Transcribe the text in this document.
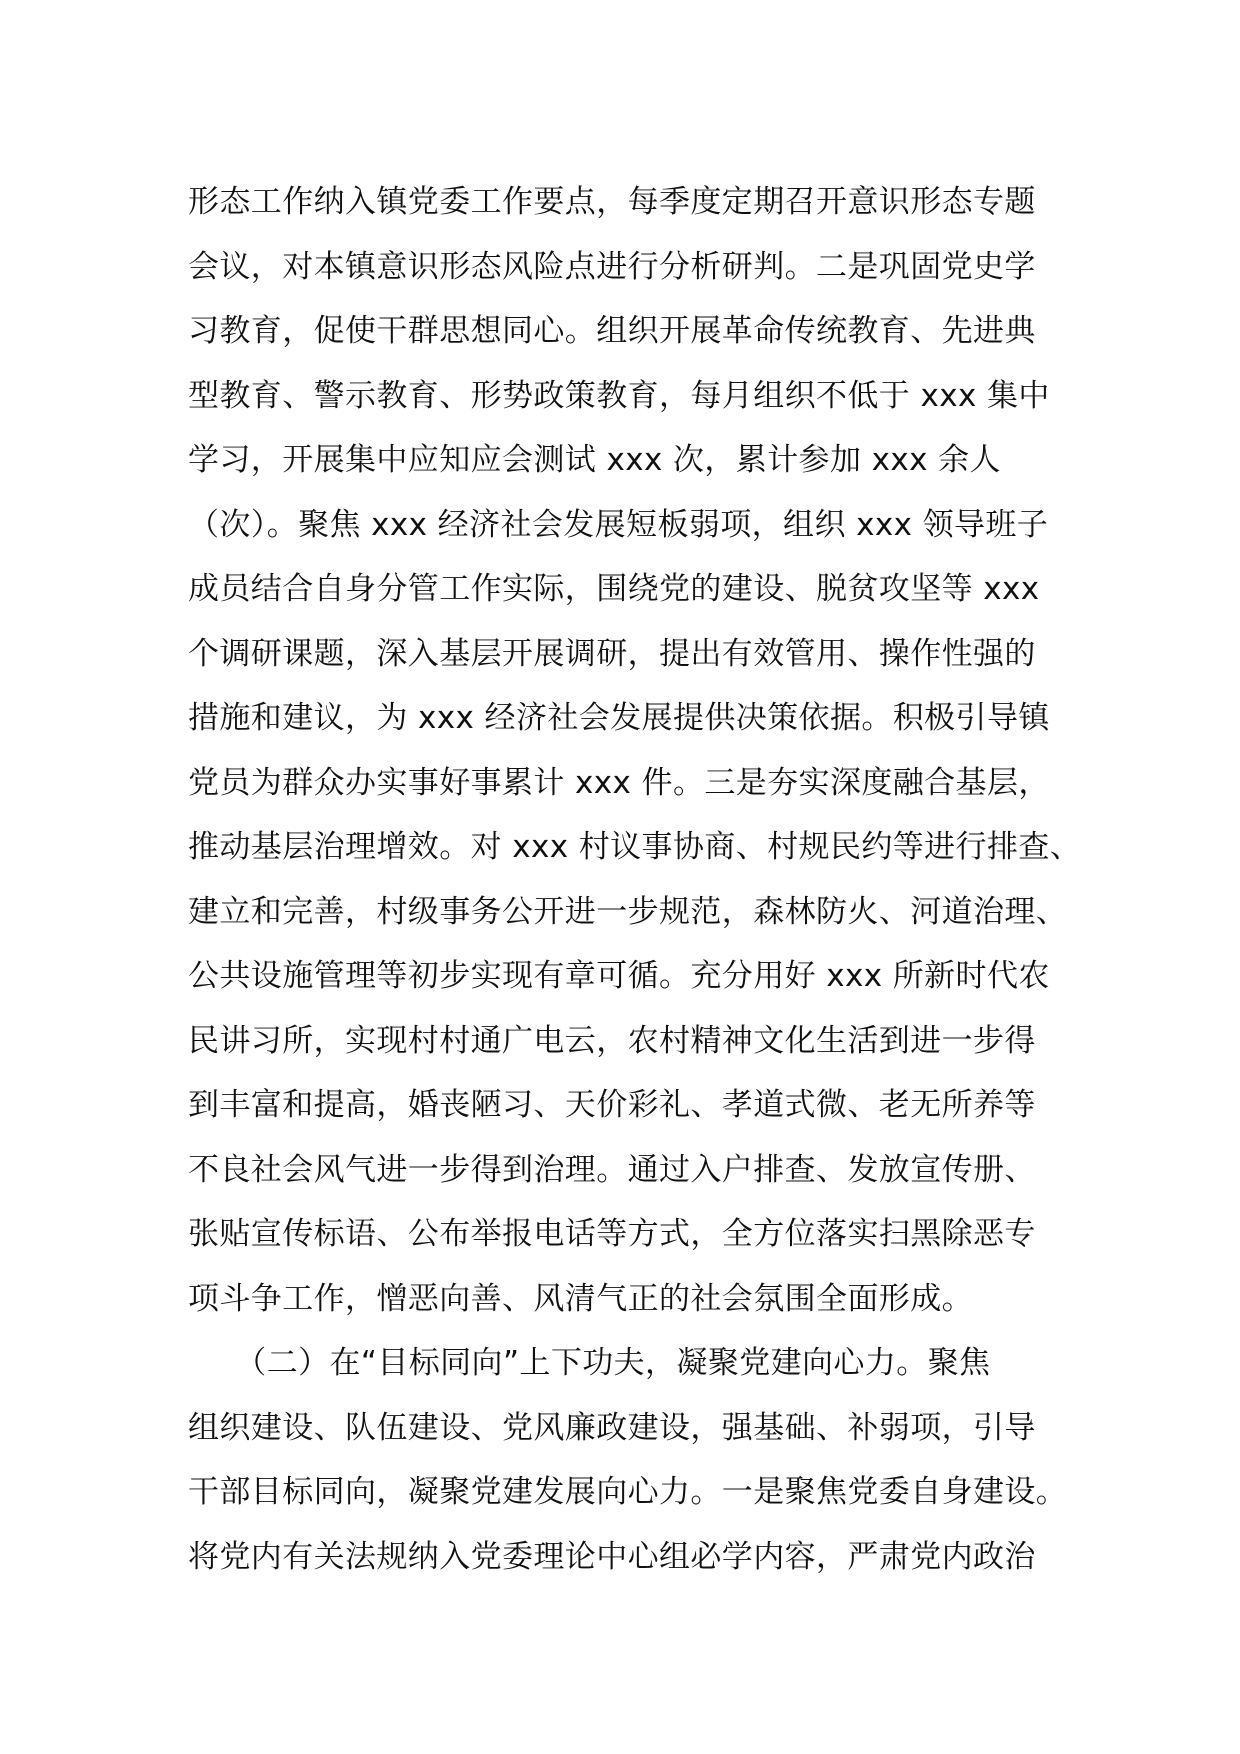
形态工作纳入镇党委工作要点，每季度定期召开意识形态专题
会议，对本镇意识形态风险点进行分析研判。二是巩固党史学
习教育，促使干群思想同心。组织开展革命传统教育、先进典
型教育、警示教育、形势政策教育，每月组织不低于 xxx 集中
学习，开展集中应知应会测试 xxx 次，累计参加 xxx 余人
（次）。聚焦 xxx 经济社会发展短板弱项，组织 xxx 领导班子
成员结合自身分管工作实际，围绕党的建设、脱贫攻坚等 xxx
个调研课题，深入基层开展调研，提出有效管用、操作性强的
措施和建议，为 xxx 经济社会发展提供决策依据。积极引导镇
党员为群众办实事好事累计 xxx 件。三是夯实深度融合基层，
推动基层治理增效。对 xxx 村议事协商、村规民约等进行排查、
建立和完善，村级事务公开进一步规范，森林防火、河道治理、
公共设施管理等初步实现有章可循。充分用好 xxx 所新时代农
民讲习所，实现村村通广电云，农村精神文化生活到进一步得
到丰富和提高，婚丧陋习、天价彩礼、孝道式微、老无所养等
不良社会风气进一步得到治理。通过入户排查、发放宣传册、
张贴宣传标语、公布举报电话等方式，全方位落实扫黑除恶专
项斗争工作，憎恶向善、风清气正的社会氛围全面形成。
　　（二）在“目标同向”上下功夫，凝聚党建向心力。聚焦
组织建设、队伍建设、党风廉政建设，强基础、补弱项，引导
干部目标同向，凝聚党建发展向心力。一是聚焦党委自身建设。
将党内有关法规纳入党委理论中心组必学内容，严肃党内政治
